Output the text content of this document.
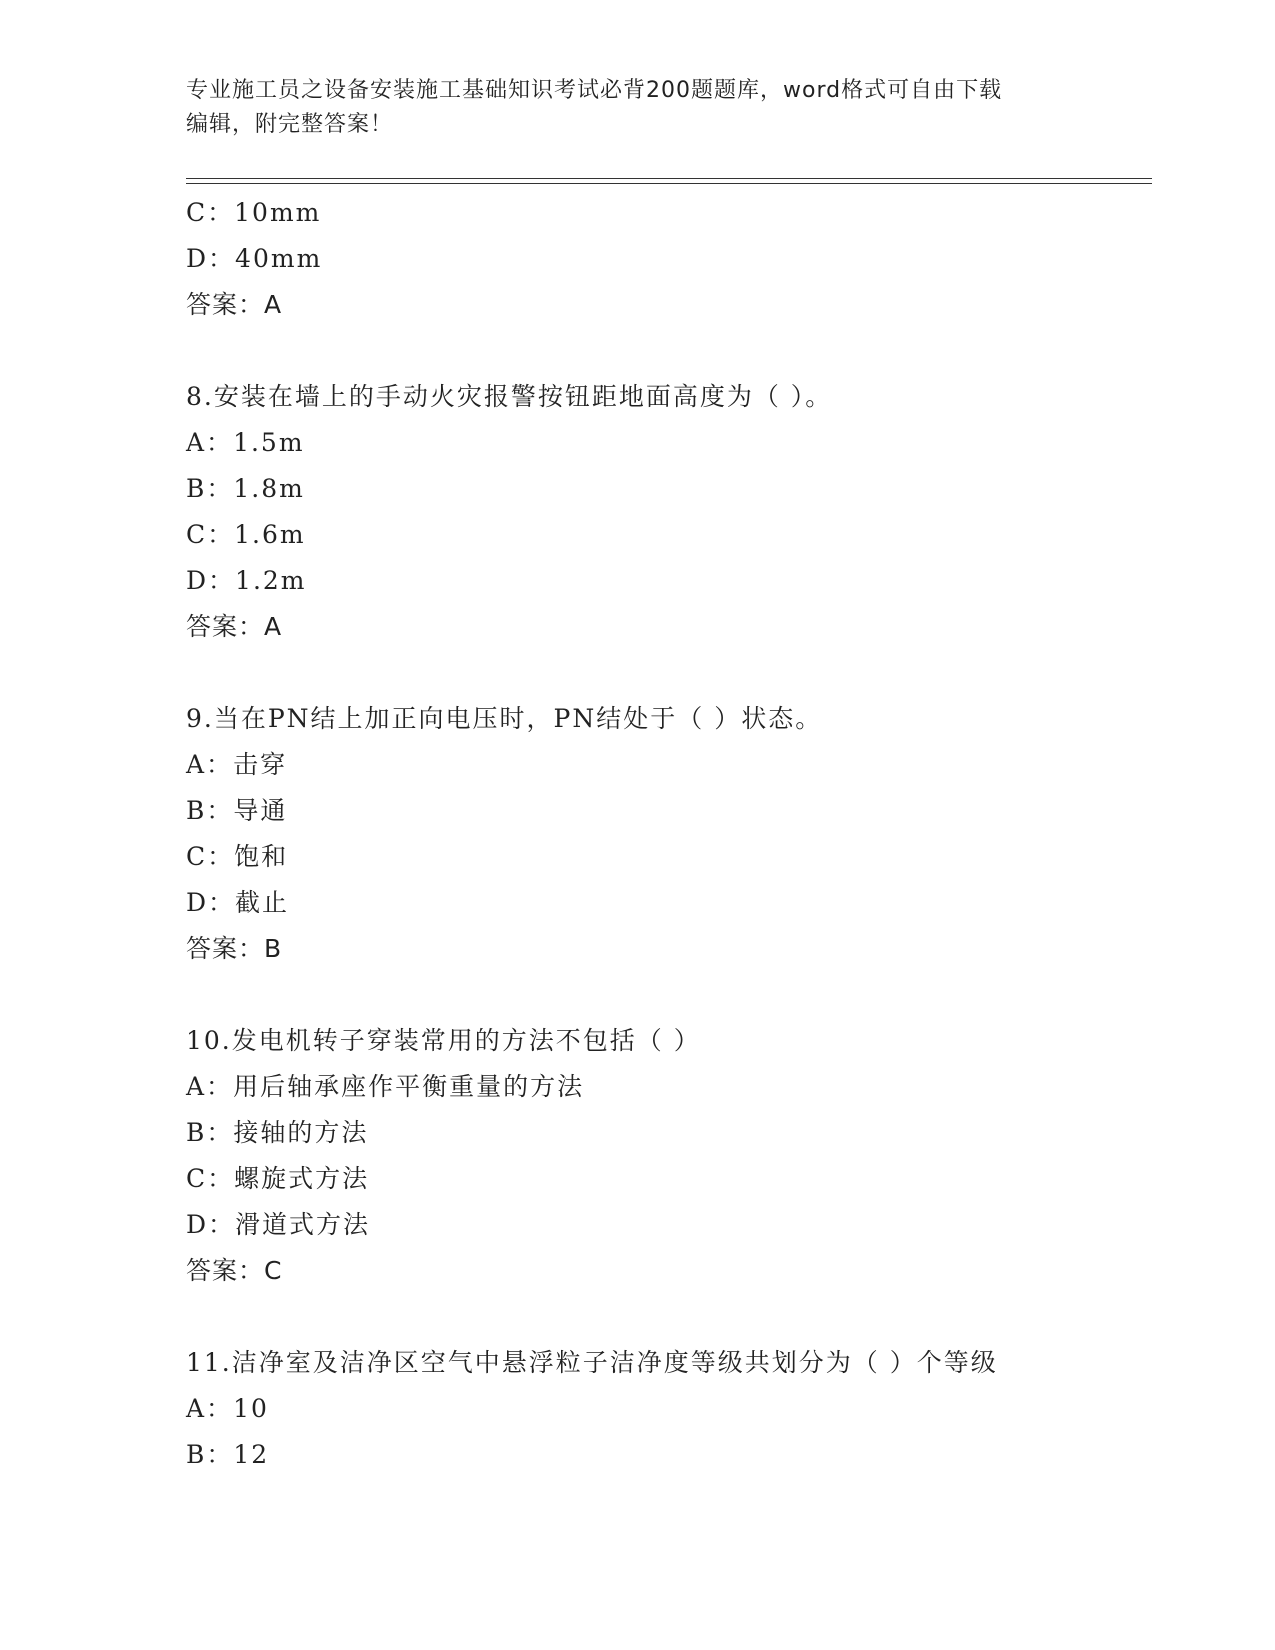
专业施工员之设备安装施工基础知识考试必背200题题库，word格式可自由下载
编辑，附完整答案！
C：10mm
D：40mm
答案：A
8.安装在墙上的手动火灾报警按钮距地面高度为（ ）。
A：1.5m
B：1.8m
C：1.6m
D：1.2m
答案：A
9.当在PN结上加正向电压时，PN结处于（ ）状态。
A：击穿
B：导通
C：饱和
D：截止
答案：B
10.发电机转子穿装常用的方法不包括（ ）
A：用后轴承座作平衡重量的方法
B：接轴的方法
C：螺旋式方法
D：滑道式方法
答案：C
11.洁净室及洁净区空气中悬浮粒子洁净度等级共划分为（ ）个等级
A：10
B：12
